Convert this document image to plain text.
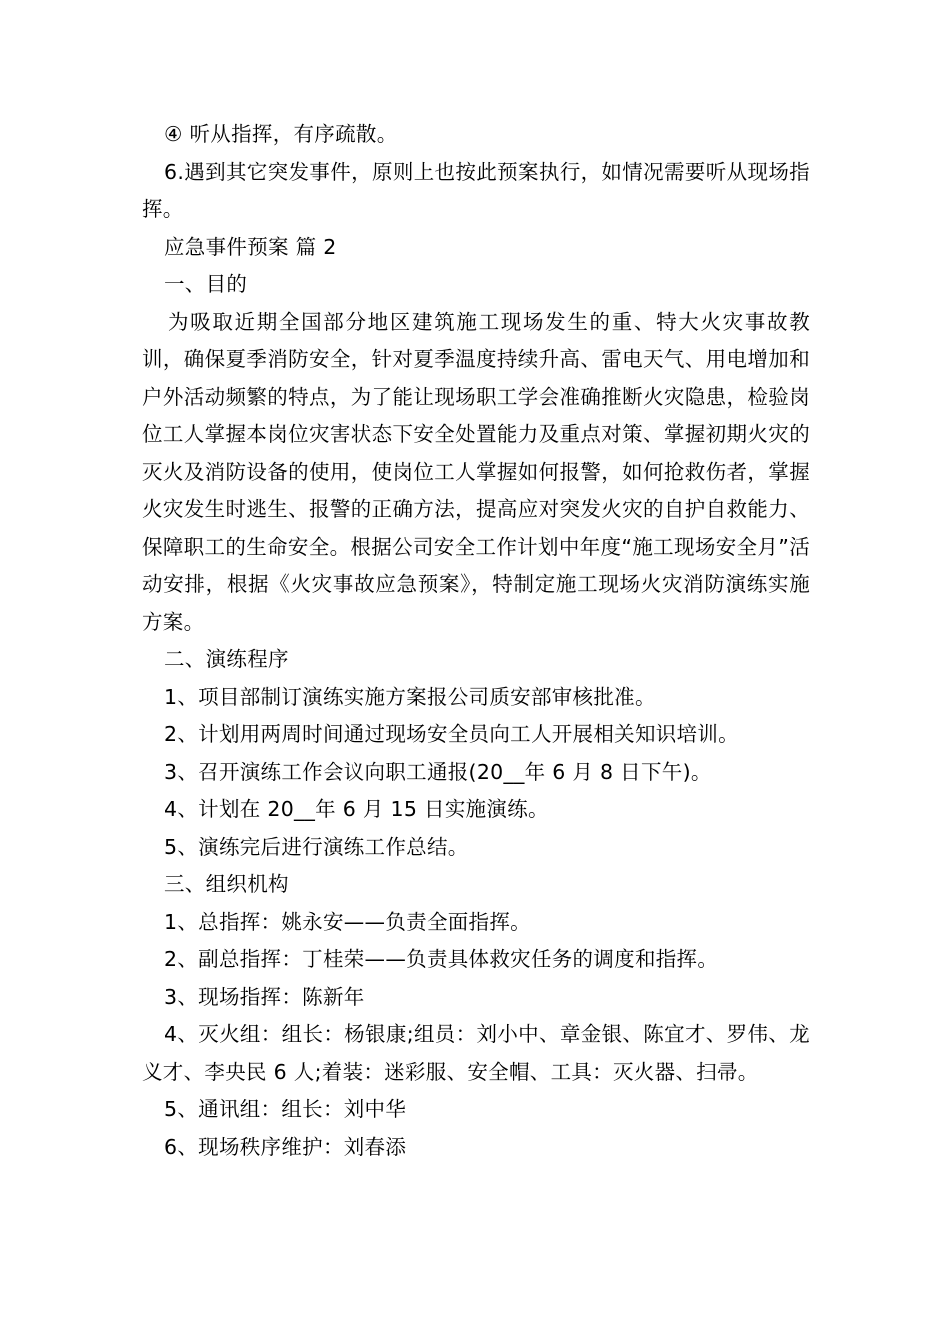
④ 听从指挥，有序疏散。

6.遇到其它突发事件，原则上也按此预案执行，如情况需要听从现场指挥。

应急事件预案 篇 2

一、目的

为吸取近期全国部分地区建筑施工现场发生的重、特大火灾事故教训，确保夏季消防安全，针对夏季温度持续升高、雷电天气、用电增加和户外活动频繁的特点，为了能让现场职工学会准确推断火灾隐患，检验岗位工人掌握本岗位灾害状态下安全处置能力及重点对策、掌握初期火灾的灭火及消防设备的使用，使岗位工人掌握如何报警，如何抢救伤者，掌握火灾发生时逃生、报警的正确方法，提高应对突发火灾的自护自救能力、保障职工的生命安全。根据公司安全工作计划中年度“施工现场安全月”活动安排，根据《火灾事故应急预案》，特制定施工现场火灾消防演练实施方案。

二、演练程序

1、项目部制订演练实施方案报公司质安部审核批准。

2、计划用两周时间通过现场安全员向工人开展相关知识培训。

3、召开演练工作会议向职工通报(20__年 6 月 8 日下午)。

4、计划在 20__年 6 月 15 日实施演练。

5、演练完后进行演练工作总结。

三、组织机构

1、总指挥：姚永安——负责全面指挥。

2、副总指挥：丁桂荣——负责具体救灾任务的调度和指挥。

3、现场指挥：陈新年

4、灭火组：组长：杨银康;组员：刘小中、章金银、陈宜才、罗伟、龙义才、李央民 6 人;着装：迷彩服、安全帽、工具：灭火器、扫帚。

5、通讯组：组长：刘中华

6、现场秩序维护：刘春添
